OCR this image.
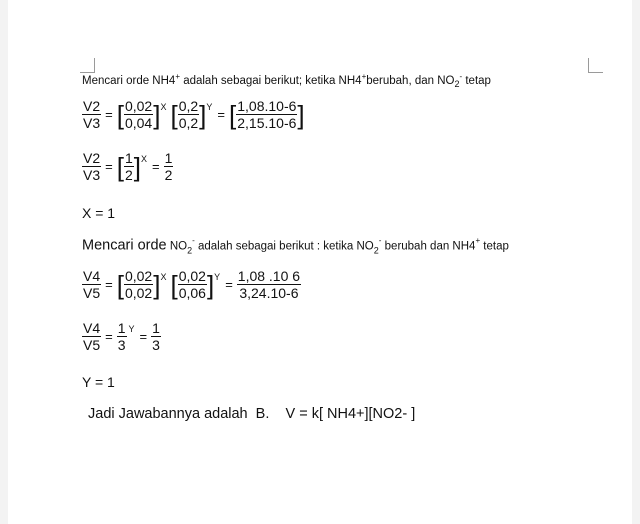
Mencari orde NH4+ adalah sebagai berikut; ketika NH4+berubah, dan $NO_2^-$ tetap
$\frac{V2}{V3}$ = [ $\frac{0,02}{0,04}$ ] X [ $\frac{0,2}{0,2}$ ] Y = [ $\frac{1,08.10-6}{2,15.10-6}$ ]
$\frac{V2}{V3}$ = [ $\frac{1}{2}$ ] $X = \frac{1}{2}$
X = 1
Mencari orde $NO_2^-$ adalah sebagai berikut : ketika $NO_2^-$ berubah dan NH4+ tetap
$\frac{V4}{V5}$ = [ $\frac{0,02}{0,02}$ ] X [ $\frac{0,02}{0,06}$ ] $Y = \frac{1,08 .10 6}{3,24.10-6}$
$\frac{V4}{V5} = \frac{1}{3}$ $Y = \frac{1}{3}$
Y = 1
Jadi Jawabannya adalah  B.    V = k[ NH4+][NO2- ]
